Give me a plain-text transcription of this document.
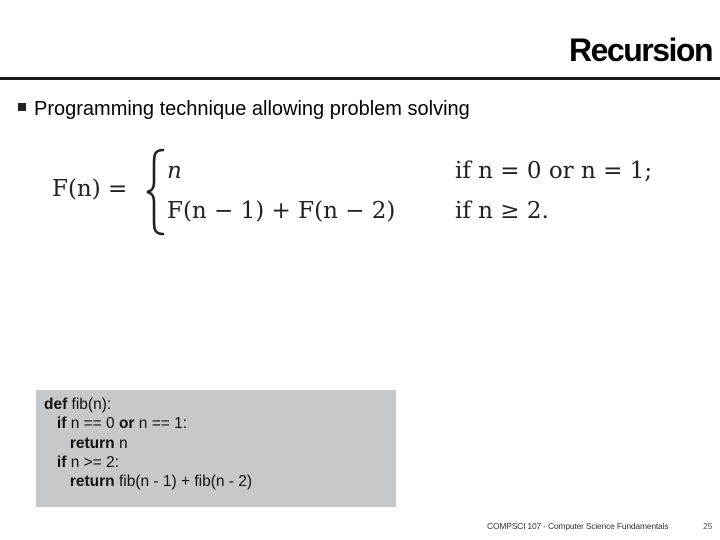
Recursion
Programming technique allowing problem solving
F(n) =
n
F(n − 1) + F(n − 2)
if n = 0 or n = 1;
if n ≥ 2.
def fib(n):
if n == 0 or n == 1:
return n
if n >= 2:
return fib(n - 1) + fib(n - 2)
COMPSCI 107 - Computer Science Fundamentals	25
